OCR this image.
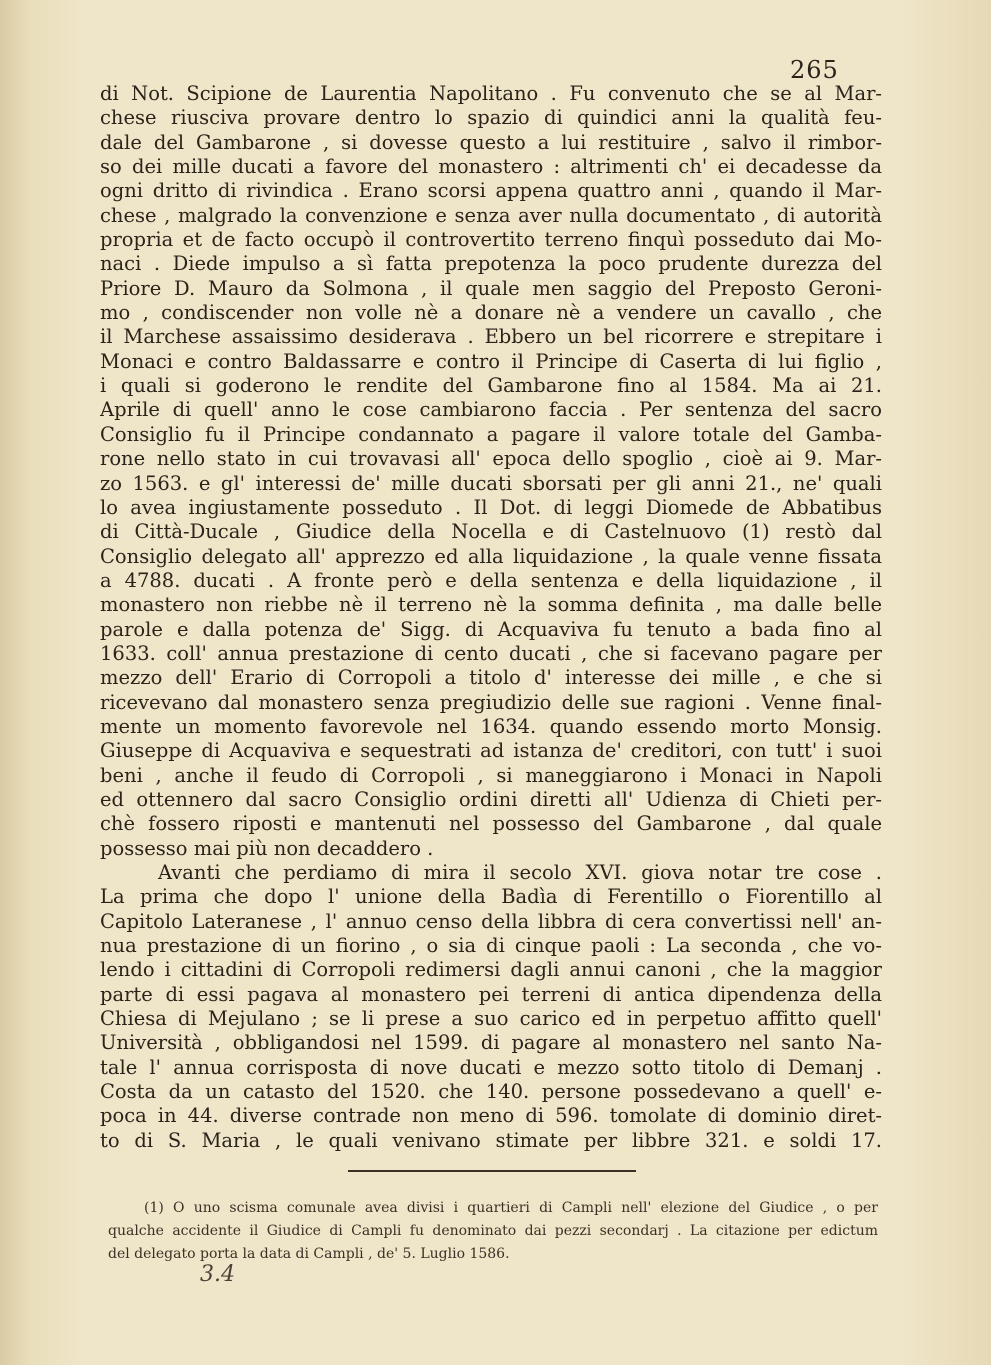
265
di Not. Scipione de Laurentia Napolitano . Fu convenuto che se al Mar-
chese riusciva provare dentro lo spazio di quindici anni la qualità feu-
dale del Gambarone , si dovesse questo a lui restituire , salvo il rimbor-
so dei mille ducati a favore del monastero : altrimenti ch' ei decadesse da
ogni dritto di rivindica . Erano scorsi appena quattro anni , quando il Mar-
chese , malgrado la convenzione e senza aver nulla documentato , di autorità
propria et de facto occupò il controvertito terreno finquì posseduto dai Mo-
naci . Diede impulso a sì fatta prepotenza la poco prudente durezza del
Priore D. Mauro da Solmona , il quale men saggio del Preposto Geroni-
mo , condiscender non volle nè a donare nè a vendere un cavallo , che
il Marchese assaissimo desiderava . Ebbero un bel ricorrere e strepitare i
Monaci e contro Baldassarre e contro il Principe di Caserta di lui figlio ,
i quali si goderono le rendite del Gambarone fino al 1584. Ma ai 21.
Aprile di quell' anno le cose cambiarono faccia . Per sentenza del sacro
Consiglio fu il Principe condannato a pagare il valore totale del Gamba-
rone nello stato in cui trovavasi all' epoca dello spoglio , cioè ai 9. Mar-
zo 1563. e gl' interessi de' mille ducati sborsati per gli anni 21., ne' quali
lo avea ingiustamente posseduto . Il Dot. di leggi Diomede de Abbatibus
di Città-Ducale , Giudice della Nocella e di Castelnuovo (1) restò dal
Consiglio delegato all' apprezzo ed alla liquidazione , la quale venne fissata
a 4788. ducati . A fronte però e della sentenza e della liquidazione , il
monastero non riebbe nè il terreno nè la somma definita , ma dalle belle
parole e dalla potenza de' Sigg. di Acquaviva fu tenuto a bada fino al
1633. coll' annua prestazione di cento ducati , che si facevano pagare per
mezzo dell' Erario di Corropoli a titolo d' interesse dei mille , e che si
ricevevano dal monastero senza pregiudizio delle sue ragioni . Venne final-
mente un momento favorevole nel 1634. quando essendo morto Monsig.
Giuseppe di Acquaviva e sequestrati ad istanza de' creditori, con tutt' i suoi
beni , anche il feudo di Corropoli , si maneggiarono i Monaci in Napoli
ed ottennero dal sacro Consiglio ordini diretti all' Udienza di Chieti per-
chè fossero riposti e mantenuti nel possesso del Gambarone , dal quale
possesso mai più non decaddero .
Avanti che perdiamo di mira il secolo XVI. giova notar tre cose .
La prima che dopo l' unione della Badìa di Ferentillo o Fiorentillo al
Capitolo Lateranese , l' annuo censo della libbra di cera convertissi nell' an-
nua prestazione di un fiorino , o sia di cinque paoli : La seconda , che vo-
lendo i cittadini di Corropoli redimersi dagli annui canoni , che la maggior
parte di essi pagava al monastero pei terreni di antica dipendenza della
Chiesa di Mejulano ; se li prese a suo carico ed in perpetuo affitto quell'
Università , obbligandosi nel 1599. di pagare al monastero nel santo Na-
tale l' annua corrisposta di nove ducati e mezzo sotto titolo di Demanj .
Costa da un catasto del 1520. che 140. persone possedevano a quell' e-
poca in 44. diverse contrade non meno di 596. tomolate di dominio diret-
to di S. Maria , le quali venivano stimate per libbre 321. e soldi 17.
(1) O uno scisma comunale avea divisi i quartieri di Campli nell' elezione del Giudice , o per
qualche accidente il Giudice di Campli fu denominato dai pezzi secondarj . La citazione per edictum
del delegato porta la data di Campli , de' 5. Luglio 1586.
3.4
